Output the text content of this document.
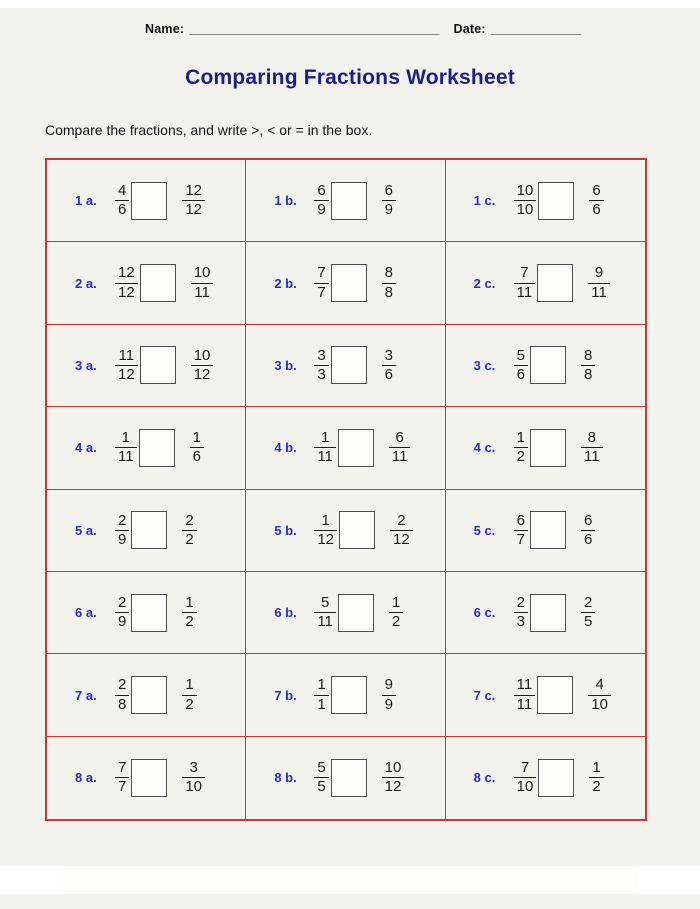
Name: ____________________________________ Date: _____________
Comparing Fractions Worksheet
Compare the fractions, and write >, < or = in the box.
1 a.	$\frac{4}{6}$	$\frac{12}{12}$	1 b.	$\frac{6}{9}$	$\frac{6}{9}$	1 c.	$\frac{10}{10}$	$\frac{6}{6}$
2 a.	$\frac{12}{12}$	$\frac{10}{11}$	2 b.	$\frac{7}{7}$	$\frac{8}{8}$	2 c.	$\frac{7}{11}$	$\frac{9}{11}$
3 a.	$\frac{11}{12}$	$\frac{10}{12}$	3 b.	$\frac{3}{3}$	$\frac{3}{6}$	3 c.	$\frac{5}{6}$	$\frac{8}{8}$
4 a.	$\frac{1}{11}$	$\frac{1}{6}$	4 b.	$\frac{1}{11}$	$\frac{6}{11}$	4 c.	$\frac{1}{2}$	$\frac{8}{11}$
5 a.	$\frac{2}{9}$	$\frac{2}{2}$	5 b.	$\frac{1}{12}$	$\frac{2}{12}$	5 c.	$\frac{6}{7}$	$\frac{6}{6}$
6 a.	$\frac{2}{9}$	$\frac{1}{2}$	6 b.	$\frac{5}{11}$	$\frac{1}{2}$	6 c.	$\frac{2}{3}$	$\frac{2}{5}$
7 a.	$\frac{2}{8}$	$\frac{1}{2}$	7 b.	$\frac{1}{1}$	$\frac{9}{9}$	7 c.	$\frac{11}{11}$	$\frac{4}{10}$
8 a.	$\frac{7}{7}$	$\frac{3}{10}$	8 b.	$\frac{5}{5}$	$\frac{10}{12}$	8 c.	$\frac{7}{10}$	$\frac{1}{2}$
